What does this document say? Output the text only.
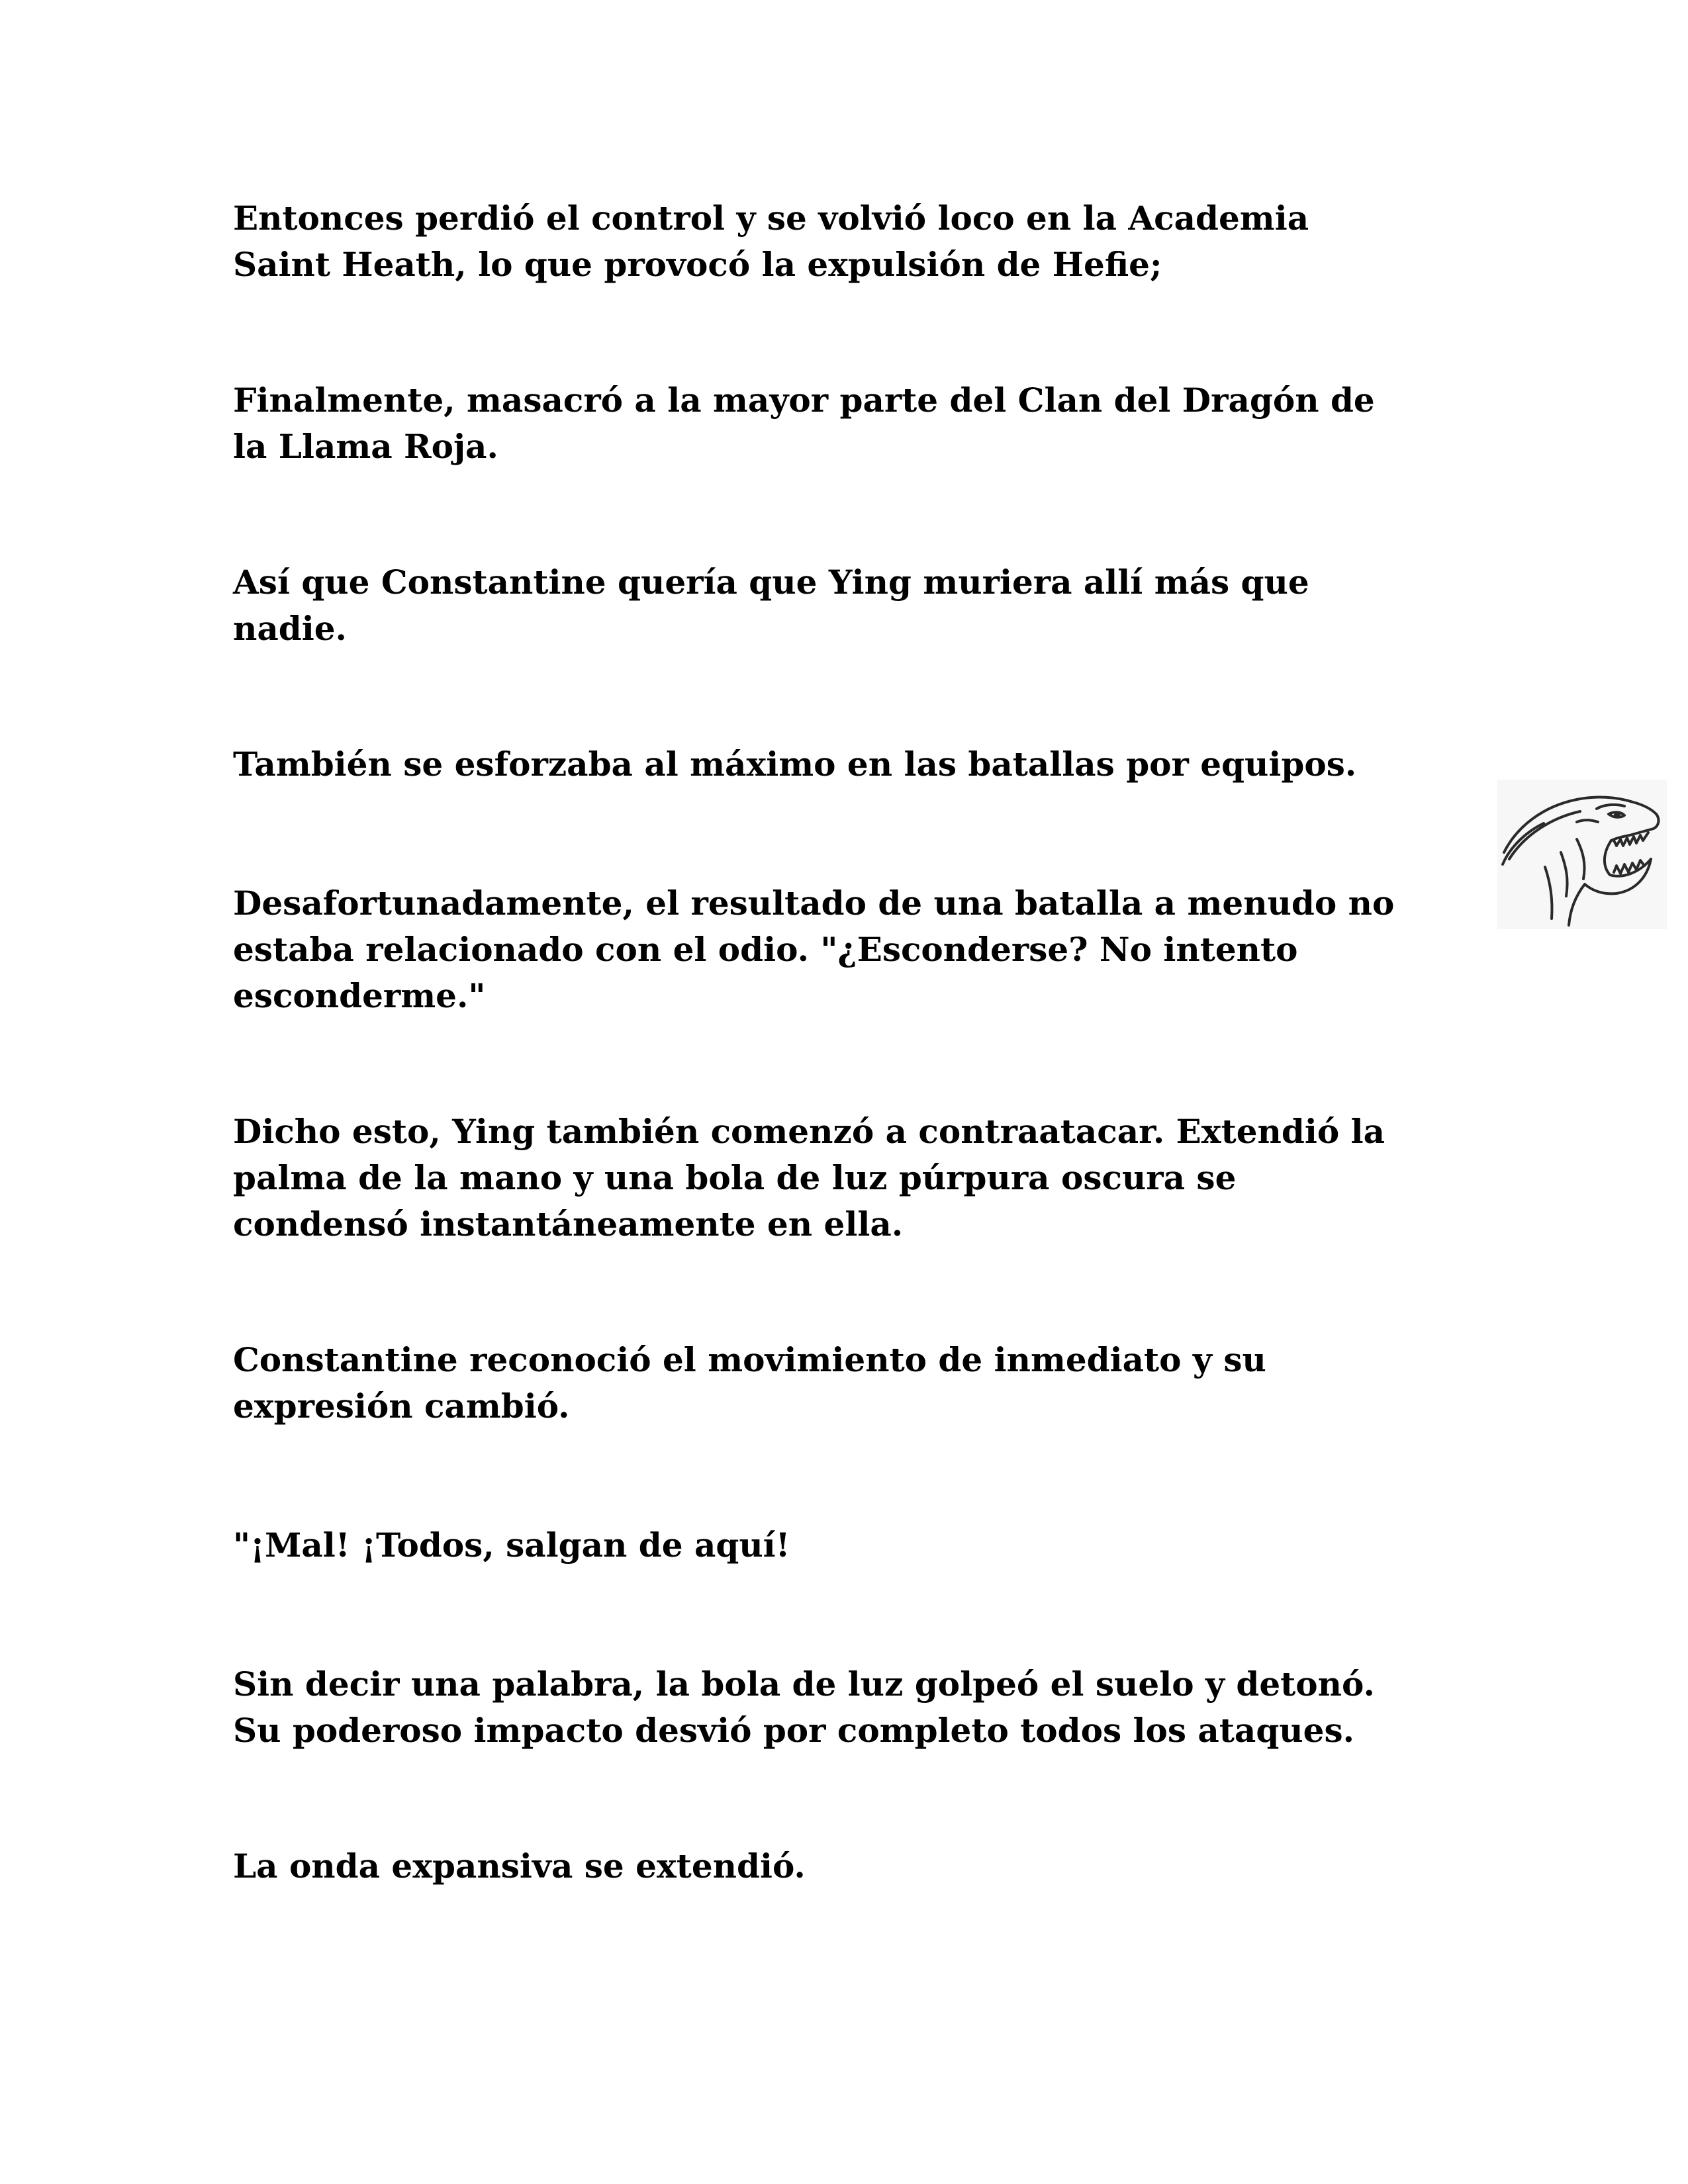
Entonces perdió el control y se volvió loco en la Academia
Saint Heath, lo que provocó la expulsión de Hefie;

Finalmente, masacró a la mayor parte del Clan del Dragón de
la Llama Roja.

Así que Constantine quería que Ying muriera allí más que
nadie.

También se esforzaba al máximo en las batallas por equipos.

Desafortunadamente, el resultado de una batalla a menudo no
estaba relacionado con el odio. "¿Esconderse? No intento
esconderme."

Dicho esto, Ying también comenzó a contraatacar. Extendió la
palma de la mano y una bola de luz púrpura oscura se
condensó instantáneamente en ella.

Constantine reconoció el movimiento de inmediato y su
expresión cambió.

"¡Mal! ¡Todos, salgan de aquí!

Sin decir una palabra, la bola de luz golpeó el suelo y detonó.
Su poderoso impacto desvió por completo todos los ataques.

La onda expansiva se extendió.
